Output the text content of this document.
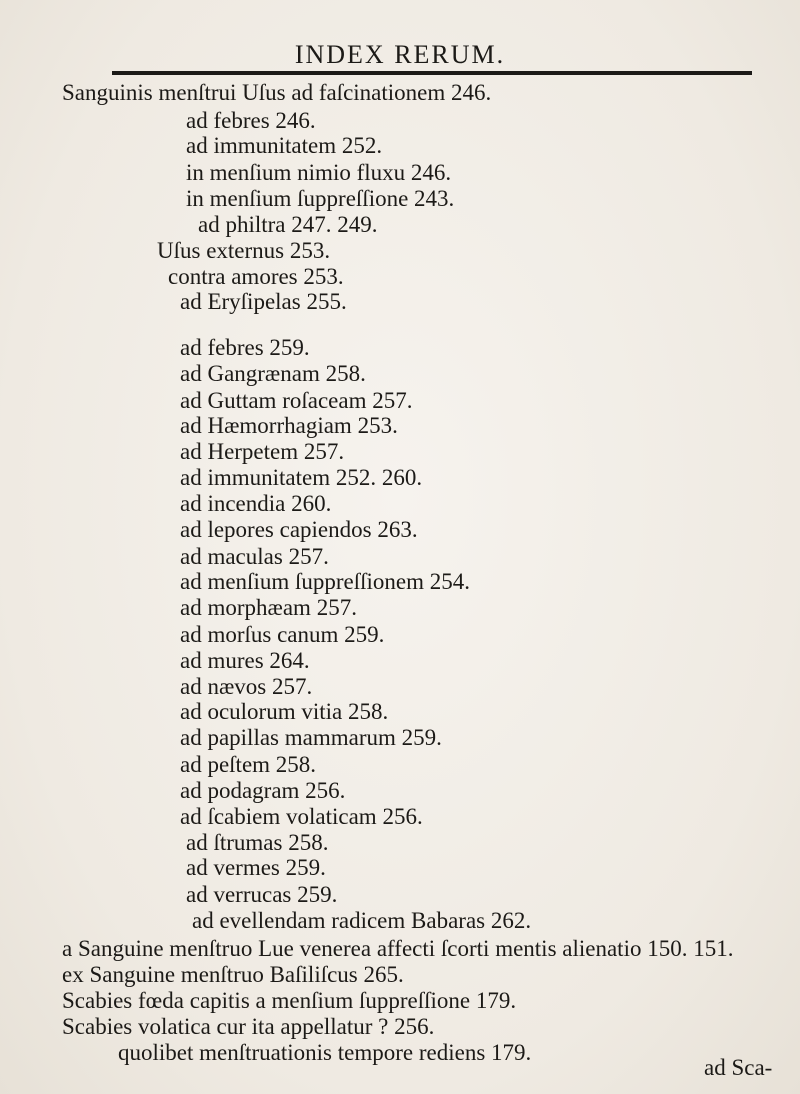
INDEX RERUM.
Sanguinis menſtrui Uſus ad faſcinationem 246.
ad febres 246.
ad immunitatem 252.
in menſium nimio fluxu 246.
in menſium ſuppreſſione 243.
ad philtra 247. 249.
Uſus externus 253.
contra amores 253.
ad Eryſipelas 255.
ad febres 259.
ad Gangrænam 258.
ad Guttam roſaceam 257.
ad Hæmorrhagiam 253.
ad Herpetem 257.
ad immunitatem 252. 260.
ad incendia 260.
ad lepores capiendos 263.
ad maculas 257.
ad menſium ſuppreſſionem 254.
ad morphæam 257.
ad morſus canum 259.
ad mures 264.
ad nævos 257.
ad oculorum vitia 258.
ad papillas mammarum 259.
ad peſtem 258.
ad podagram 256.
ad ſcabiem volaticam 256.
ad ſtrumas 258.
ad vermes 259.
ad verrucas 259.
ad evellendam radicem Babaras 262.
a Sanguine menſtruo Lue venerea affecti ſcorti mentis alienatio 150. 151.
ex Sanguine menſtruo Baſiliſcus 265.
Scabies fœda capitis a menſium ſuppreſſione 179.
Scabies volatica cur ita appellatur ? 256.
quolibet menſtruationis tempore rediens 179.
ad Sca-
